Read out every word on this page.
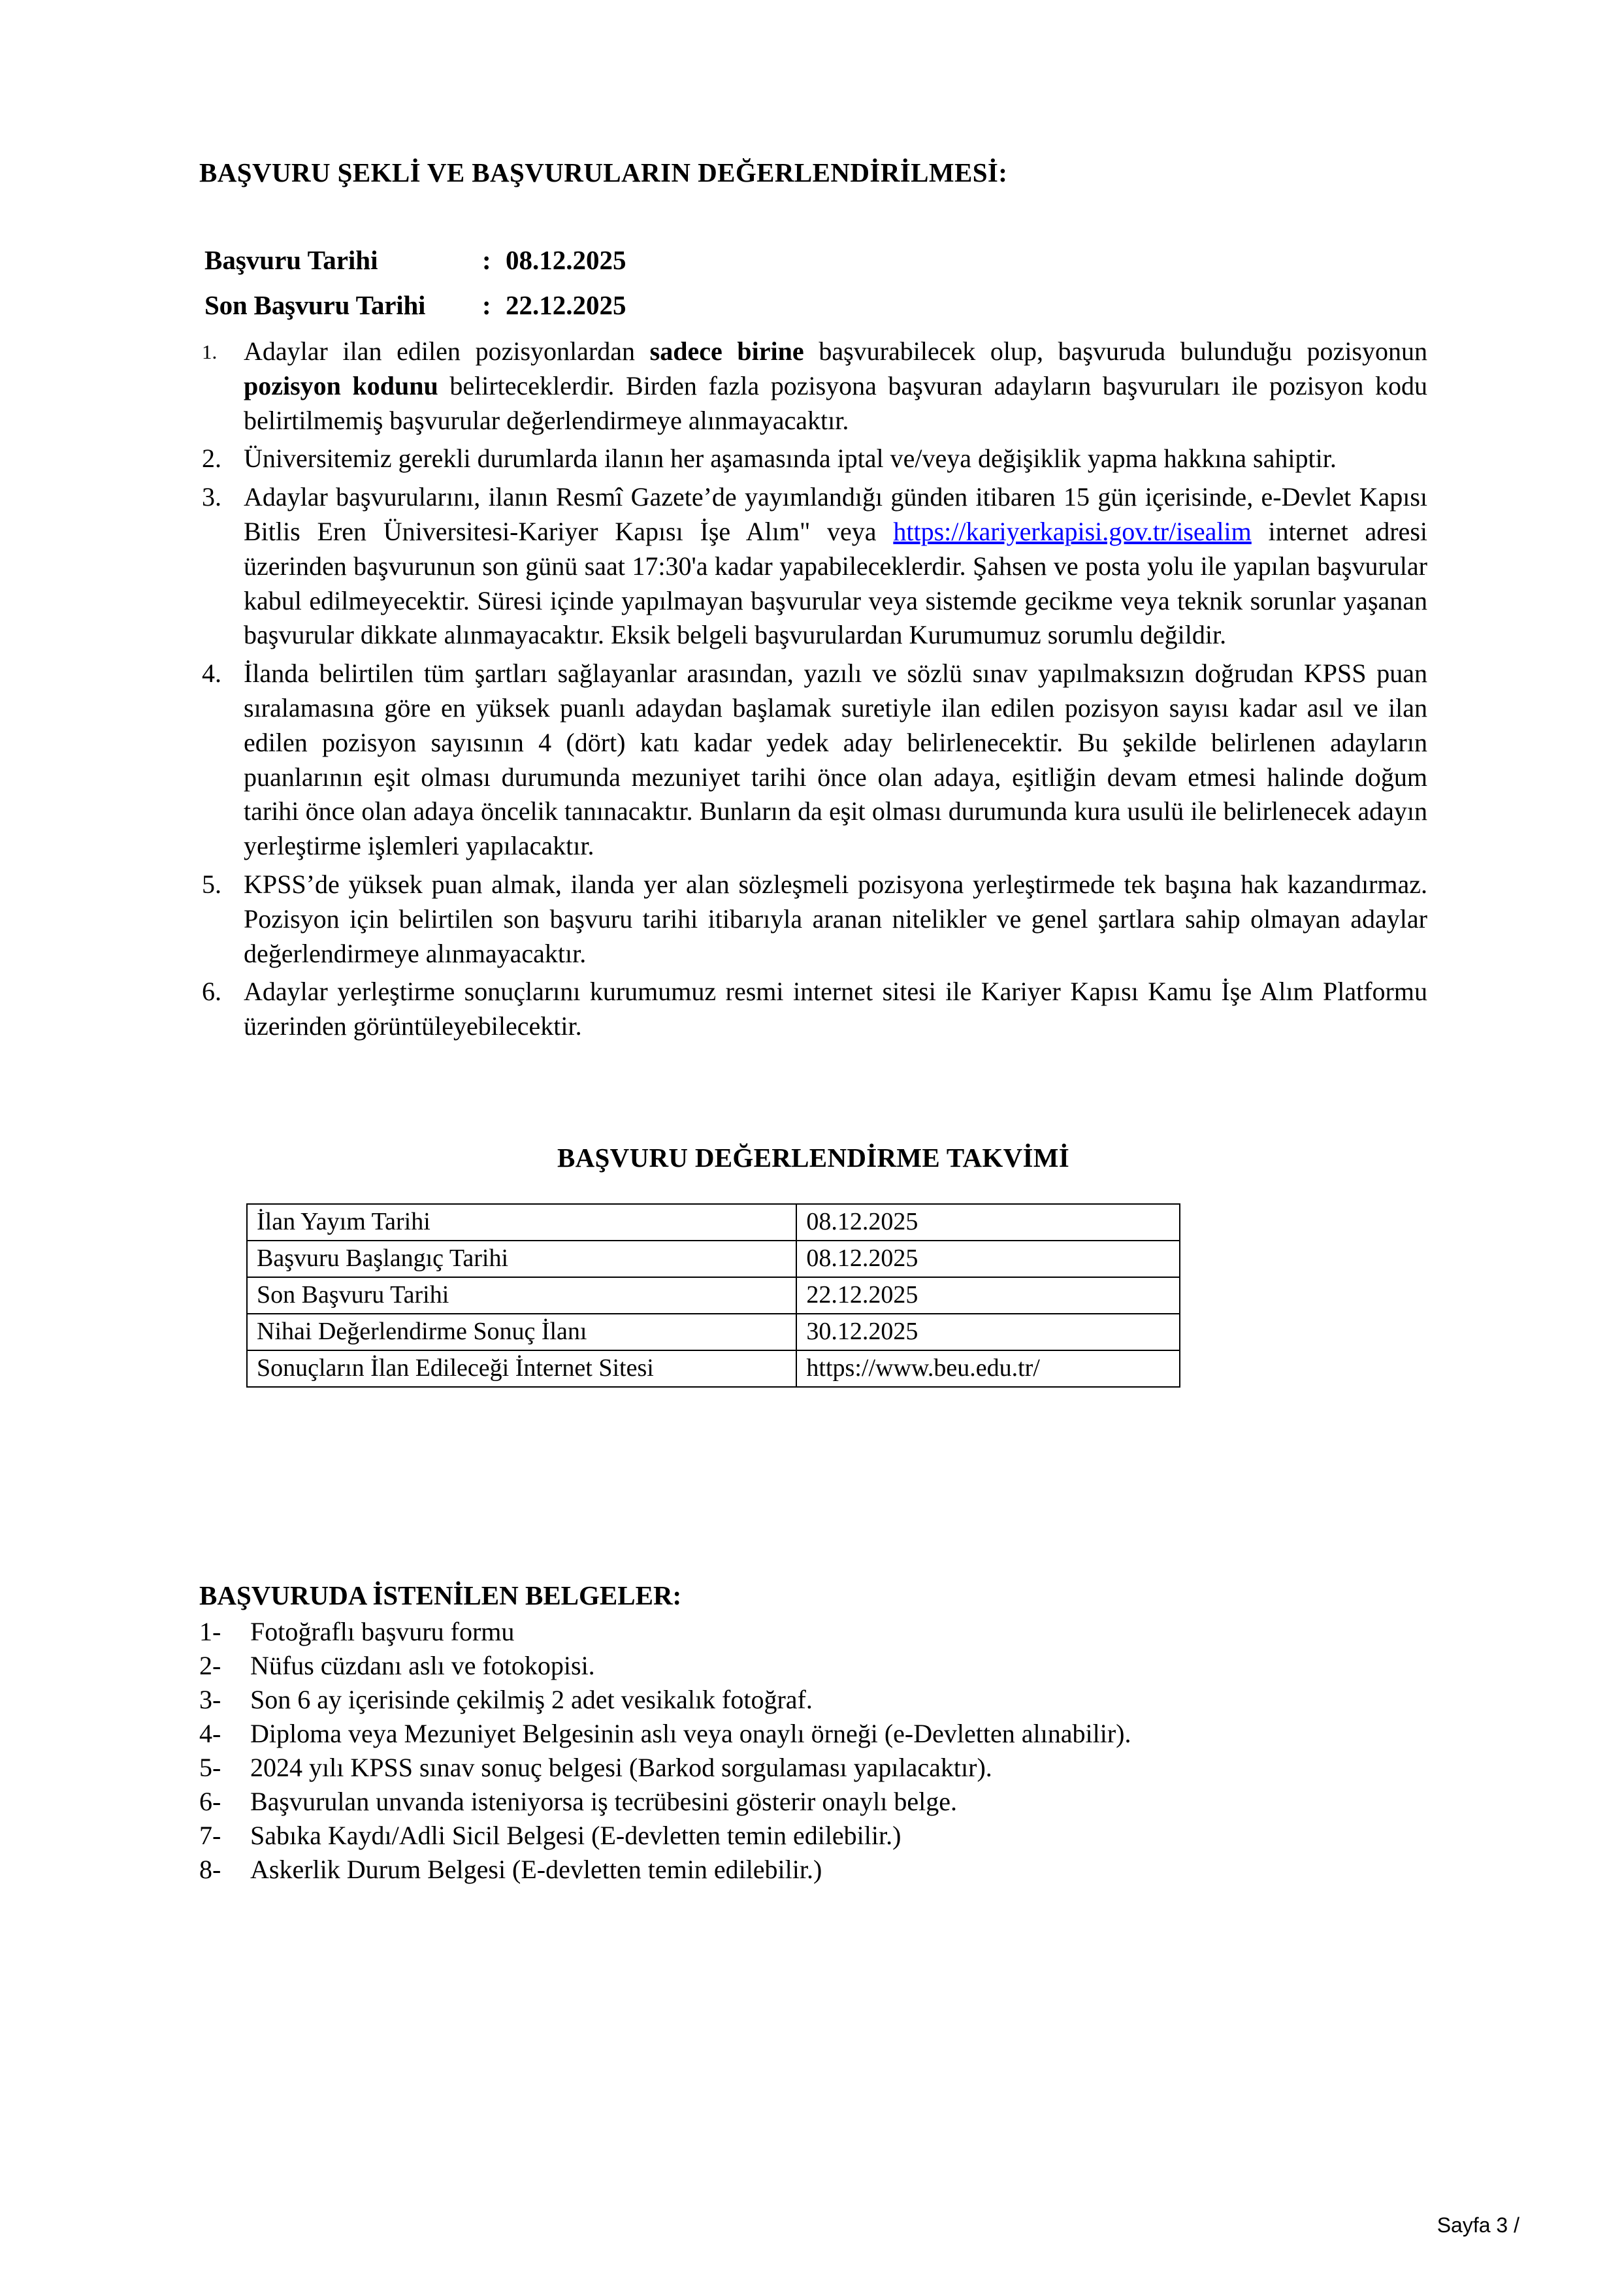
BAŞVURU ŞEKLİ VE BAŞVURULARIN DEĞERLENDİRİLMESİ:
Başvuru Tarihi	: 08.12.2025
Son Başvuru Tarihi	: 22.12.2025
1.	Adaylar ilan edilen pozisyonlardan sadece birine başvurabilecek olup, başvuruda bulunduğu pozisyonun pozisyon kodunu belirteceklerdir. Birden fazla pozisyona başvuran adayların başvuruları ile pozisyon kodu belirtilmemiş başvurular değerlendirmeye alınmayacaktır.
2. Üniversitemiz gerekli durumlarda ilanın her aşamasında iptal ve/veya değişiklik yapma hakkına sahiptir.
3. Adaylar başvurularını, ilanın Resmî Gazete’de yayımlandığı günden itibaren 15 gün içerisinde, e-Devlet Kapısı Bitlis Eren Üniversitesi-Kariyer Kapısı İşe Alım" veya https://kariyerkapisi.gov.tr/isealim internet adresi üzerinden başvurunun son günü saat 17:30'a kadar yapabileceklerdir. Şahsen ve posta yolu ile yapılan başvurular kabul edilmeyecektir. Süresi içinde yapılmayan başvurular veya sistemde gecikme veya teknik sorunlar yaşanan başvurular dikkate alınmayacaktır. Eksik belgeli başvurulardan Kurumumuz sorumlu değildir.
4. İlanda belirtilen tüm şartları sağlayanlar arasından, yazılı ve sözlü sınav yapılmaksızın doğrudan KPSS puan sıralamasına göre en yüksek puanlı adaydan başlamak suretiyle ilan edilen pozisyon sayısı kadar asıl ve ilan edilen pozisyon sayısının 4 (dört) katı kadar yedek aday belirlenecektir. Bu şekilde belirlenen adayların puanlarının eşit olması durumunda mezuniyet tarihi önce olan adaya, eşitliğin devam etmesi halinde doğum tarihi önce olan adaya öncelik tanınacaktır. Bunların da eşit olması durumunda kura usulü ile belirlenecek adayın yerleştirme işlemleri yapılacaktır.
5. KPSS’de yüksek puan almak, ilanda yer alan sözleşmeli pozisyona yerleştirmede tek başına hak kazandırmaz. Pozisyon için belirtilen son başvuru tarihi itibarıyla aranan nitelikler ve genel şartlara sahip olmayan adaylar değerlendirmeye alınmayacaktır.
6. Adaylar yerleştirme sonuçlarını kurumumuz resmi internet sitesi ile Kariyer Kapısı Kamu İşe Alım Platformu üzerinden görüntüleyebilecektir.
BAŞVURU DEĞERLENDİRME TAKVİMİ
İlan Yayım Tarihi	08.12.2025
Başvuru Başlangıç Tarihi	08.12.2025
Son Başvuru Tarihi	22.12.2025
Nihai Değerlendirme Sonuç İlanı	30.12.2025
Sonuçların İlan Edileceği İnternet Sitesi	https://www.beu.edu.tr/
BAŞVURUDA İSTENİLEN BELGELER:
1-	Fotoğraflı başvuru formu
2-	Nüfus cüzdanı aslı ve fotokopisi.
3-	Son 6 ay içerisinde çekilmiş 2 adet vesikalık fotoğraf.
4-	Diploma veya Mezuniyet Belgesinin aslı veya onaylı örneği (e-Devletten alınabilir).
5-	2024 yılı KPSS sınav sonuç belgesi (Barkod sorgulaması yapılacaktır).
6-	Başvurulan unvanda isteniyorsa iş tecrübesini gösterir onaylı belge.
7-	Sabıka Kaydı/Adli Sicil Belgesi (E-devletten temin edilebilir.)
8-	Askerlik Durum Belgesi (E-devletten temin edilebilir.)
Sayfa 3 /
